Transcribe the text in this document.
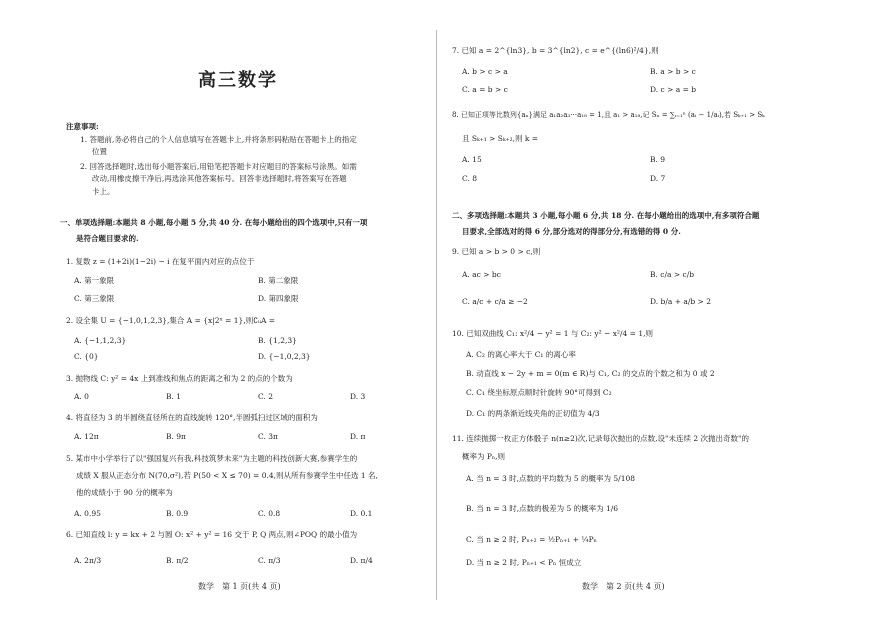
高三数学
注意事项:
1. 答题前,务必将自己的个人信息填写在答题卡上,并将条形码粘贴在答题卡上的指定
位置
2. 回答选择题时,选出每小题答案后,用铅笔把答题卡对应题目的答案标号涂黑。如需
改动,用橡皮擦干净后,再选涂其他答案标号。回答非选择题时,将答案写在答题
卡上。
一、单项选择题:本题共 8 小题,每小题 5 分,共 40 分. 在每小题给出的四个选项中,只有一项
是符合题目要求的.
1. 复数 z = (1+2i)(1−2i) − i 在复平面内对应的点位于
A. 第一象限	B. 第二象限
C. 第三象限	D. 第四象限
2. 设全集 U = {−1,0,1,2,3},集合 A = {x|2ˣ = 1},则∁ᵤA =
A. {−1,1,2,3}	B. {1,2,3}
C. {0}	D. {−1,0,2,3}
3. 抛物线 C: y² = 4x 上到准线和焦点的距离之和为 2 的点的个数为
A. 0	B. 1	C. 2	D. 3
4. 将直径为 3 的半圆绕直径所在的直线旋转 120°,半圆弧扫过区域的面积为
A. 12π	B. 9π	C. 3π	D. π
5. 某市中小学举行了以"强国复兴有我,科技筑梦未来"为主题的科技创新大赛,参赛学生的
成绩 X 服从正态分布 N(70,σ²),若 P(50 < X ≤ 70) = 0.4,则从所有参赛学生中任选 1 名,
他的成绩小于 90 分的概率为
A. 0.95	B. 0.9	C. 0.8	D. 0.1
6. 已知直线 l: y = kx + 2 与圆 O: x² + y² = 16 交于 P, Q 两点,则∠POQ 的最小值为
A. 2π/3	B. π/2	C. π/3	D. π/4
数学　第 1 页(共 4 页)
7. 已知 a = 2^{ln3}, b = 3^{ln2}, c = e^{(ln6)²/4},则
A. b > c > a	B. a > b > c
C. a = b > c	D. c > a = b
8. 已知正项等比数列{aₙ}满足 a₁a₂a₃⋯a₁₈ = 1,且 a₁ > a₁₈,记 Sₙ = ∑ᵢ₌₁ⁿ (aᵢ − 1/aᵢ),若 Sₖ₊₁ > Sₖ
且 Sₖ₊₁ > Sₖ₊₂,则 k =
A. 15	B. 9
C. 8	D. 7
二、多项选择题:本题共 3 小题,每小题 6 分,共 18 分. 在每小题给出的选项中,有多项符合题
目要求,全部选对的得 6 分,部分选对的得部分分,有选错的得 0 分.
9. 已知 a > b > 0 > c,则
A. ac > bc	B. c/a > c/b
C. a/c + c/a ≥ −2	D. b/a + a/b > 2
10. 已知双曲线 C₁: x²/4 − y² = 1 与 C₂: y² − x²/4 = 1,则
A. C₂ 的离心率大于 C₁ 的离心率
B. 动直线 x − 2y + m = 0(m ∈ R)与 C₁, C₂ 的交点的个数之和为 0 或 2
C. C₁ 绕坐标原点顺时针旋转 90°可得到 C₂
D. C₁ 的两条渐近线夹角的正切值为 4/3
11. 连续抛掷一枚正方体骰子 n(n≥2)次,记录每次抛出的点数,设"未连续 2 次抛出奇数"的
概率为 Pₙ,则
A. 当 n = 3 时,点数的平均数为 5 的概率为 5/108
B. 当 n = 3 时,点数的极差为 5 的概率为 1/6
C. 当 n ≥ 2 时, Pₙ₊₂ = ½Pₙ₊₁ + ¼Pₙ
D. 当 n ≥ 2 时, Pₙ₊₁ < Pₙ 恒成立
数学　第 2 页(共 4 页)
